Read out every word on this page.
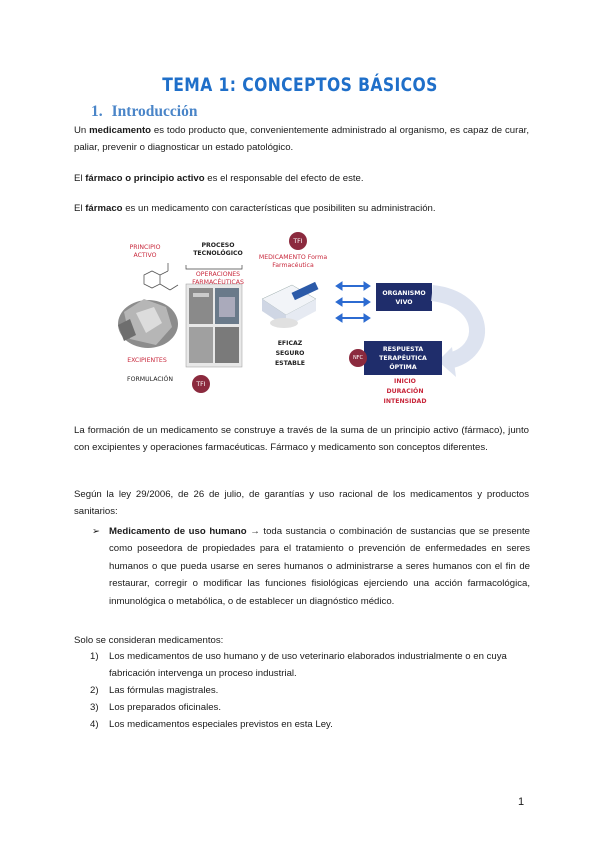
TEMA 1: CONCEPTOS BÁSICOS
1. Introducción
Un medicamento es todo producto que, convenientemente administrado al organismo, es capaz de curar, paliar, prevenir o diagnosticar un estado patológico.
El fármaco o principio activo es el responsable del efecto de este.
El fármaco es un medicamento con características que posibiliten su administración.
PRINCIPIO ACTIVO
PROCESO TECNOLÓGICO
OPERACIONES FARMACÉUTICAS
EXCIPIENTES
FORMULACIÓN
TFI
TFI
MEDICAMENTO Forma Farmacéutica
EFICAZ SEGURO ESTABLE
ORGANISMO VIVO
RESPUESTA TERAPÉUTICA ÓPTIMA
NFC
INICIO DURACIÓN INTENSIDAD
La formación de un medicamento se construye a través de la suma de un principio activo (fármaco), junto con excipientes y operaciones farmacéuticas. Fármaco y medicamento son conceptos diferentes.
Según la ley 29/2006, de 26 de julio, de garantías y uso racional de los medicamentos y productos sanitarios:
➢ Medicamento de uso humano → toda sustancia o combinación de sustancias que se presente como poseedora de propiedades para el tratamiento o prevención de enfermedades en seres humanos o que pueda usarse en seres humanos o administrarse a seres humanos con el fin de restaurar, corregir o modificar las funciones fisiológicas ejerciendo una acción farmacológica, inmunológica o metabólica, o de establecer un diagnóstico médico.
Solo se consideran medicamentos:
1) Los medicamentos de uso humano y de uso veterinario elaborados industrialmente o en cuya fabricación intervenga un proceso industrial.
2) Las fórmulas magistrales.
3) Los preparados oficinales.
4) Los medicamentos especiales previstos en esta Ley.
1
